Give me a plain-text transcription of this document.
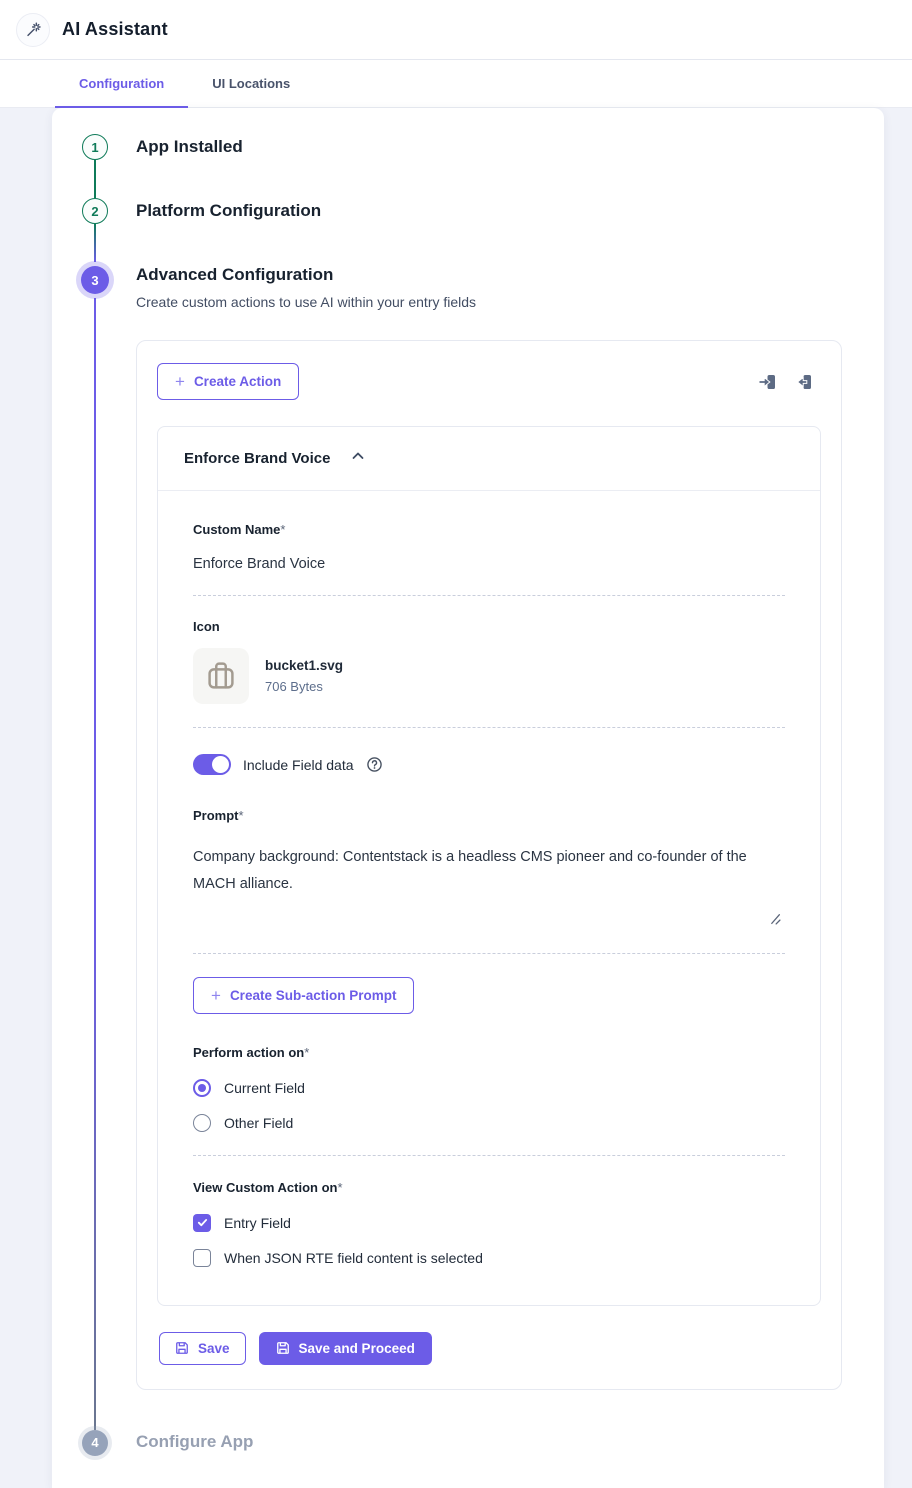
AI Assistant
Configuration	UI Locations
1	App Installed
2	Platform Configuration
3	Advanced Configuration
Create custom actions to use AI within your entry fields
+ Create Action
Enforce Brand Voice
Custom Name*
Enforce Brand Voice
Icon
bucket1.svg
706 Bytes
Include Field data
Prompt*
Company background: Contentstack is a headless CMS pioneer and co-founder of the MACH alliance.
+ Create Sub-action Prompt
Perform action on*
Current Field
Other Field
View Custom Action on*
Entry Field
When JSON RTE field content is selected
Save	Save and Proceed
4	Configure App
